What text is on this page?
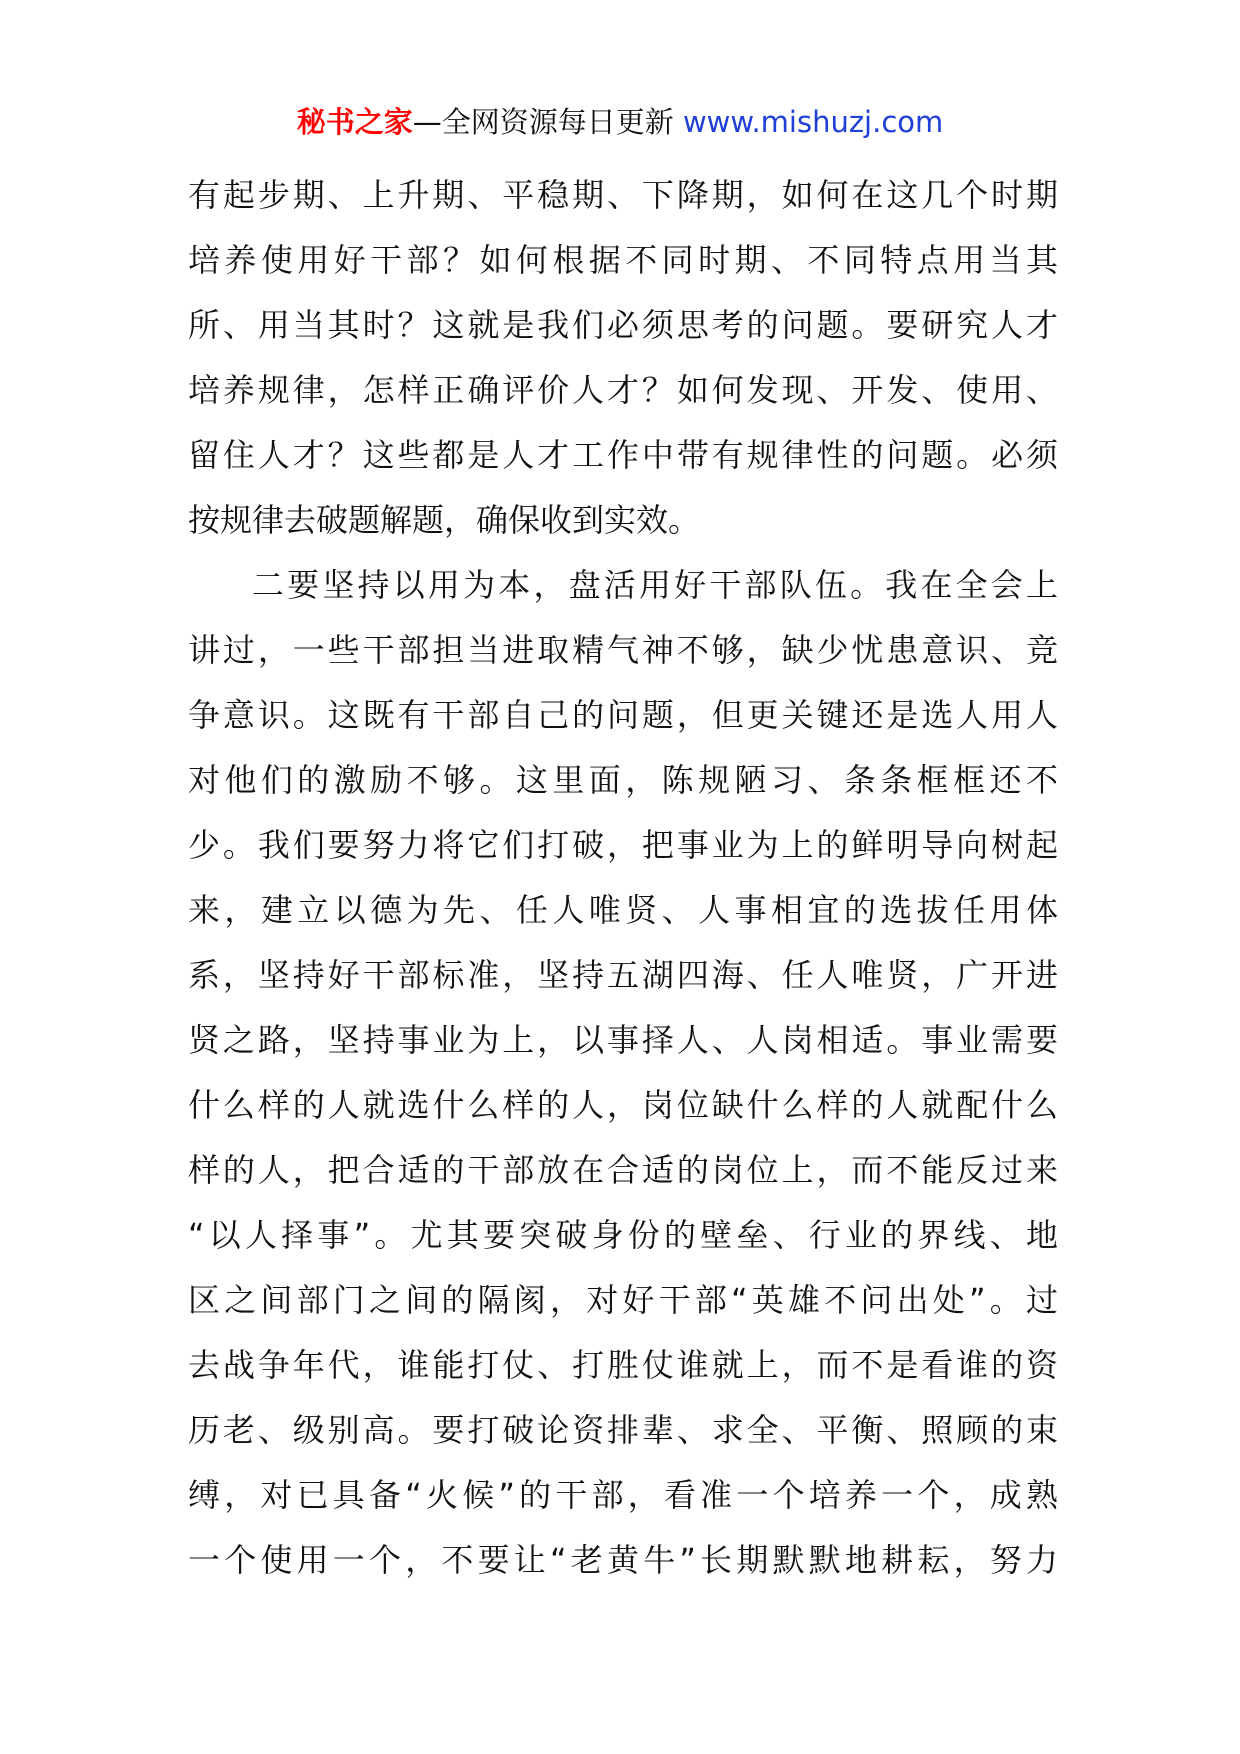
秘书之家—全网资源每日更新 www.mishuzj.com
有起步期、上升期、平稳期、下降期，如何在这几个时期
培养使用好干部？如何根据不同时期、不同特点用当其
所、用当其时？这就是我们必须思考的问题。要研究人才
培养规律，怎样正确评价人才？如何发现、开发、使用、
留住人才？这些都是人才工作中带有规律性的问题。必须
按规律去破题解题，确保收到实效。
二要坚持以用为本，盘活用好干部队伍。我在全会上
讲过，一些干部担当进取精气神不够，缺少忧患意识、竞
争意识。这既有干部自己的问题，但更关键还是选人用人
对他们的激励不够。这里面，陈规陋习、条条框框还不
少。我们要努力将它们打破，把事业为上的鲜明导向树起
来，建立以德为先、任人唯贤、人事相宜的选拔任用体
系，坚持好干部标准，坚持五湖四海、任人唯贤，广开进
贤之路，坚持事业为上，以事择人、人岗相适。事业需要
什么样的人就选什么样的人，岗位缺什么样的人就配什么
样的人，把合适的干部放在合适的岗位上，而不能反过来
“以人择事”。尤其要突破身份的壁垒、行业的界线、地
区之间部门之间的隔阂，对好干部“英雄不问出处”。过
去战争年代，谁能打仗、打胜仗谁就上，而不是看谁的资
历老、级别高。要打破论资排辈、求全、平衡、照顾的束
缚，对已具备“火候”的干部，看准一个培养一个，成熟
一个使用一个，不要让“老黄牛”长期默默地耕耘，努力
